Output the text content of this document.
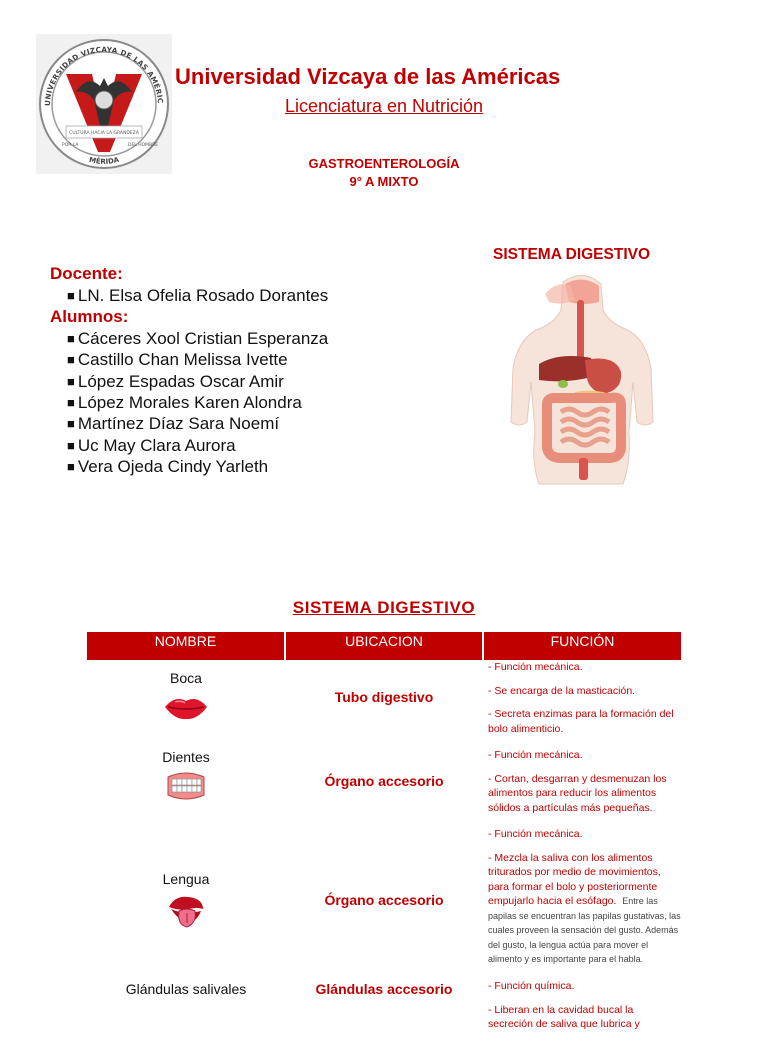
UNIVERSIDAD VIZCAYA DE LAS AMÉRIC
MÉRIDA
CULTURA HACIA LA GRANDEZA
POR LA	DEL HOMBRE
Universidad Vizcaya de las Américas
Licenciatura en Nutrición
GASTROENTEROLOGÍA
9° A MIXTO
SISTEMA DIGESTIVO
Docente:
■ LN. Elsa Ofelia Rosado Dorantes
Alumnos:
■ Cáceres Xool Cristian Esperanza
■ Castillo Chan Melissa Ivette
■ López Espadas Oscar Amir
■ López Morales Karen Alondra
■ Martínez Díaz Sara Noemí
■ Uc May Clara Aurora
■ Vera Ojeda Cindy Yarleth
SISTEMA DIGESTIVO
NOMBRE	UBICACION	FUNCIÓN

Boca	Tubo digestivo	- Función mecánica.

- Se encarga de la masticación.

- Secreta enzimas para la formación del bolo alimenticio.

Dientes	Órgano accesorio	- Función mecánica.

- Cortan, desgarran y desmenuzan los alimentos para reducir los alimentos sólidos a partículas más pequeñas.

Lengua	Órgano accesorio	- Función mecánica.

- Mezcla la saliva con los alimentos triturados por medio de movimientos, para formar el bolo y posteriormente empujarlo hacia el esófago. Entre las papilas se encuentran las papilas gustativas, las cuales proveen la sensación del gusto. Además del gusto, la lengua actúa para mover el alimento y es importante para el habla.

Glándulas salivales	Glándulas accesorio	- Función química.

- Liberan en la cavidad bucal la secreción de saliva que lubrica y
